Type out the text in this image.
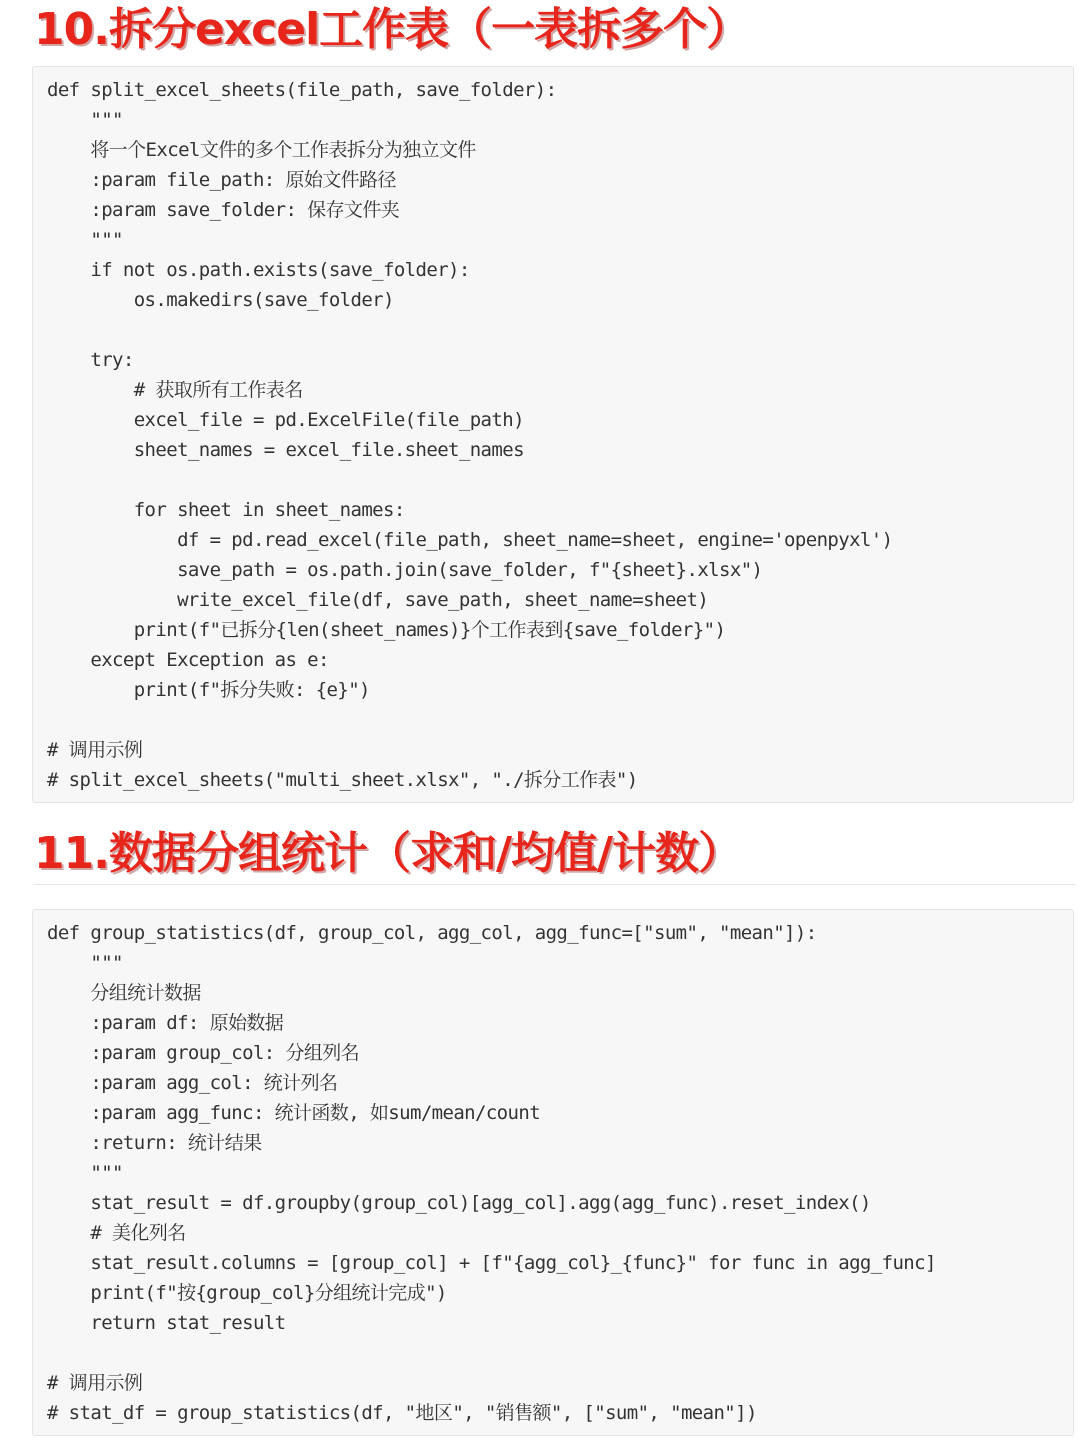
10.拆分excel工作表（一表拆多个）
def split_excel_sheets(file_path, save_folder):
"""
将一个Excel文件的多个工作表拆分为独立文件
:param file_path: 原始文件路径
:param save_folder: 保存文件夹
"""
if not os.path.exists(save_folder):
os.makedirs(save_folder)
try:
# 获取所有工作表名
excel_file = pd.ExcelFile(file_path)
sheet_names = excel_file.sheet_names
for sheet in sheet_names:
df = pd.read_excel(file_path, sheet_name=sheet, engine='openpyxl')
save_path = os.path.join(save_folder, f"{sheet}.xlsx")
write_excel_file(df, save_path, sheet_name=sheet)
print(f"已拆分{len(sheet_names)}个工作表到{save_folder}")
except Exception as e:
print(f"拆分失败: {e}")
# 调用示例
# split_excel_sheets("multi_sheet.xlsx", "./拆分工作表")
11.数据分组统计（求和/均值/计数）
def group_statistics(df, group_col, agg_col, agg_func=["sum", "mean"]):
"""
分组统计数据
:param df: 原始数据
:param group_col: 分组列名
:param agg_col: 统计列名
:param agg_func: 统计函数, 如sum/mean/count
:return: 统计结果
"""
stat_result = df.groupby(group_col)[agg_col].agg(agg_func).reset_index()
# 美化列名
stat_result.columns = [group_col] + [f"{agg_col}_{func}" for func in agg_func]
print(f"按{group_col}分组统计完成")
return stat_result
# 调用示例
# stat_df = group_statistics(df, "地区", "销售额", ["sum", "mean"])
